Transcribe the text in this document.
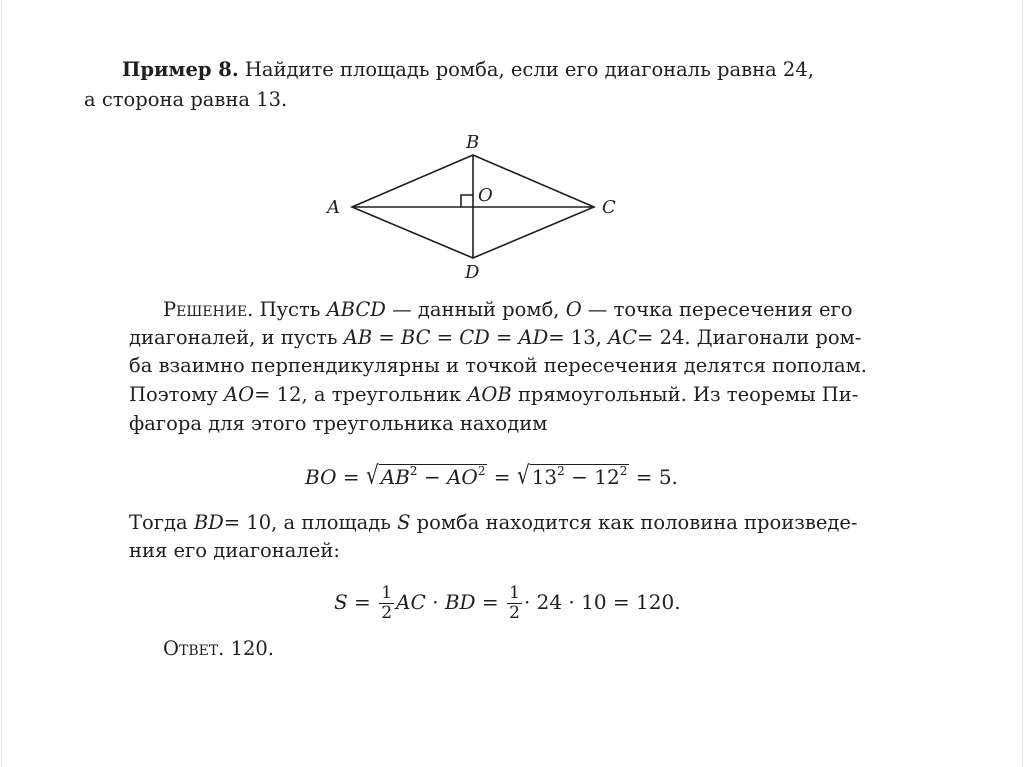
Пример 8. Найдите площадь ромба, если его диагональ равна 24,
а сторона равна 13.
A
B
C
D
O
Решение. Пусть ABCD — данный ромб, O — точка пересечения его
диагоналей, и пусть AB = BC = CD = AD= 13, AC= 24. Диагонали ром-
ба взаимно перпендикулярны и точкой пересечения делятся пополам.
Поэтому AO= 12, а треугольник AOB прямоугольный. Из теоремы Пи-
фагора для этого треугольника находим
BO = √ $AB^2 - AO^2$ = √ $13^2 - 12^2 = 5$.
Тогда BD= 10, а площадь S ромба находится как половина произведе-
ния его диагоналей:
$S = \frac{1}{2}$ AC · BD = $\frac{1}{2} \cdot 24 \cdot 10 = 120$.
Ответ. 120.
